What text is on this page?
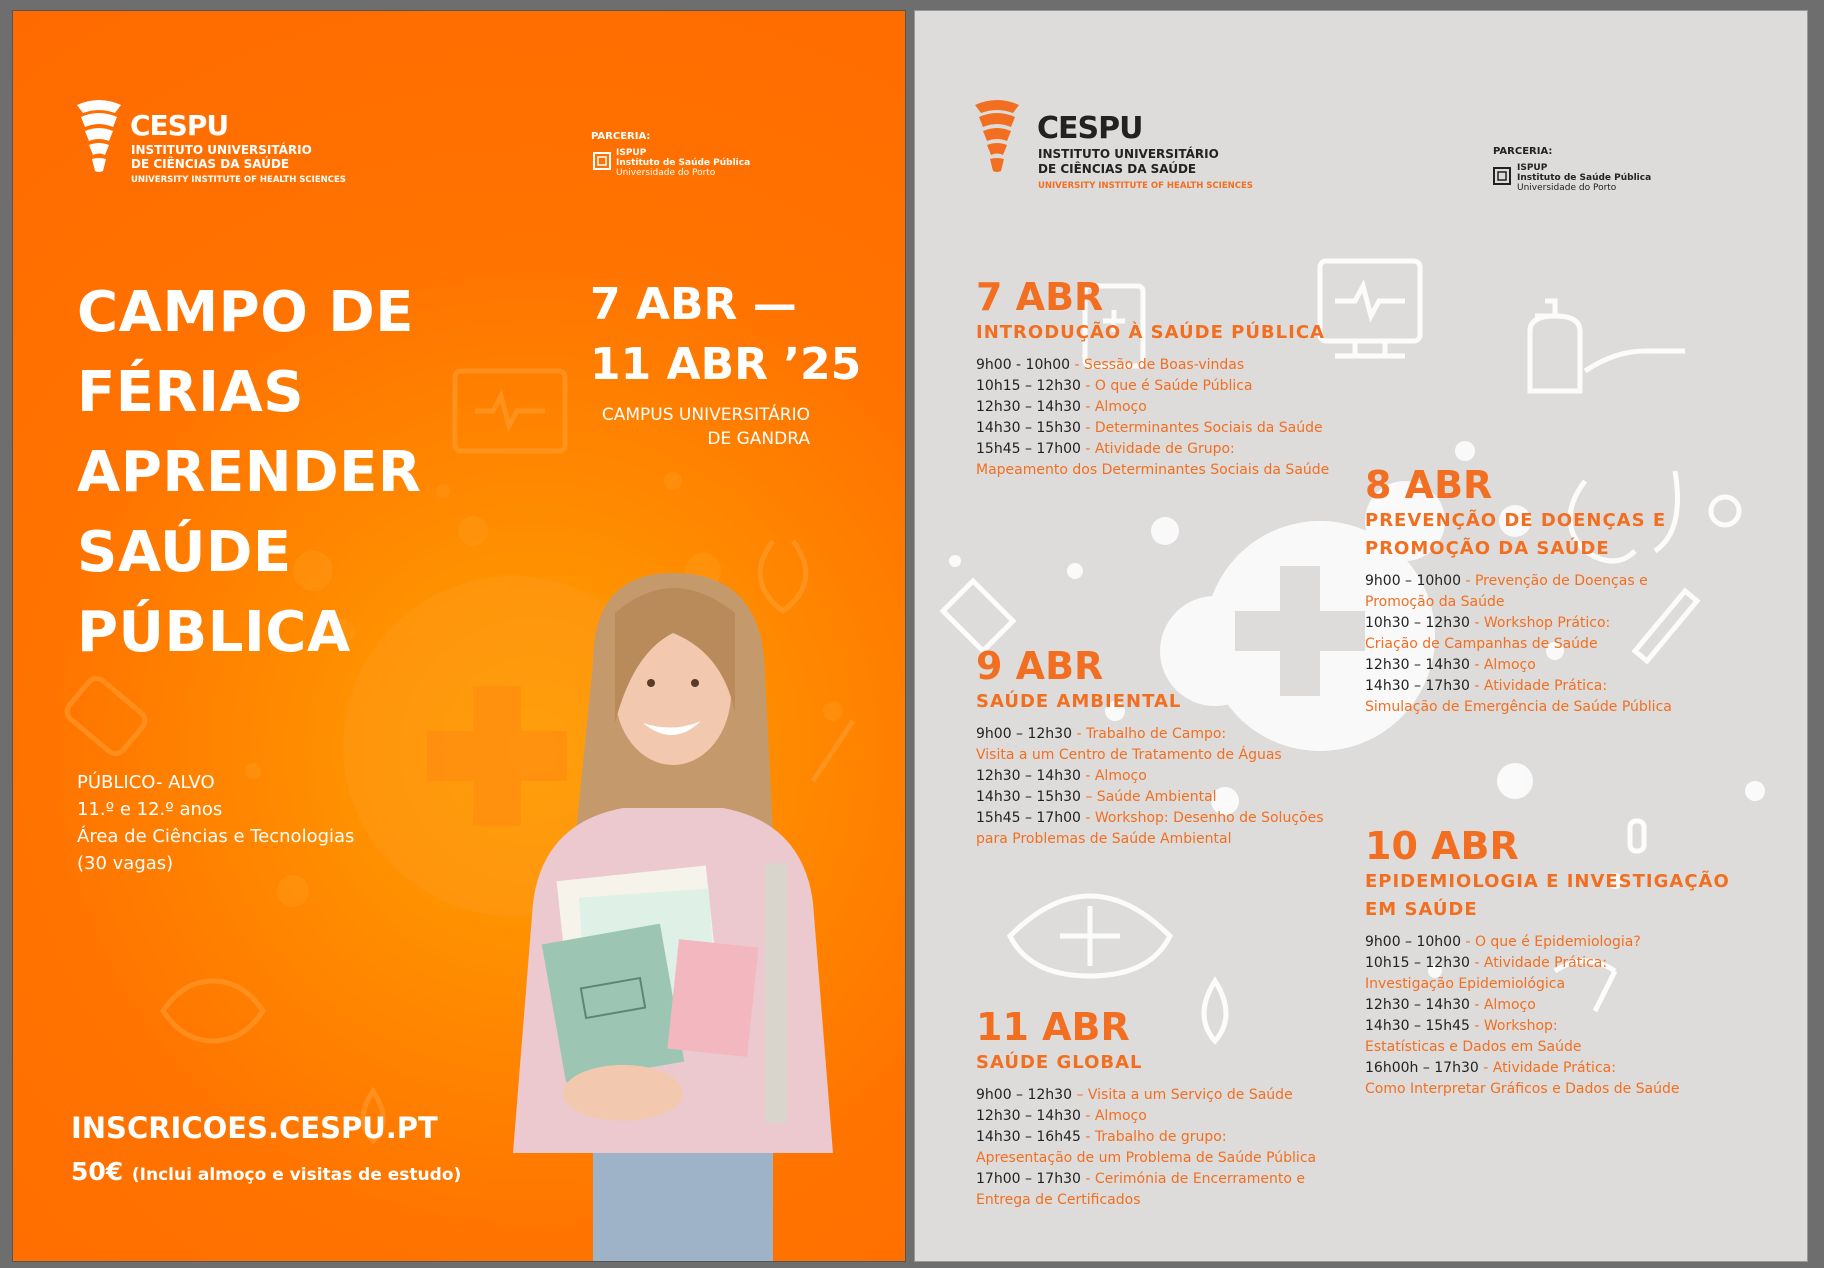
CESPU
INSTITUTO UNIVERSITÁRIO
DE CIÊNCIAS DA SAÚDE
UNIVERSITY INSTITUTE OF HEALTH SCIENCES
PARCERIA:
ISPUP
Instituto de Saúde Pública
Universidade do Porto
CAMPO DE
FÉRIAS
APRENDER
SAÚDE
PÚBLICA
7 ABR —
11 ABR ’25
CAMPUS UNIVERSITÁRIO
DE GANDRA
PÚBLICO- ALVO
11.º e 12.º anos
Área de Ciências e Tecnologias
(30 vagas)
INSCRICOES.CESPU.PT
50€ (Inclui almoço e visitas de estudo)
CESPU
INSTITUTO UNIVERSITÁRIO
DE CIÊNCIAS DA SAÚDE
UNIVERSITY INSTITUTE OF HEALTH SCIENCES
PARCERIA:
ISPUP
Instituto de Saúde Pública
Universidade do Porto
7 ABR
INTRODUÇÃO À SAÚDE PÚBLICA
9h00 - 10h00 - Sessão de Boas-vindas
10h15 – 12h30 - O que é Saúde Pública
12h30 – 14h30 - Almoço
14h30 – 15h30 - Determinantes Sociais da Saúde
15h45 – 17h00 - Atividade de Grupo:
Mapeamento dos Determinantes Sociais da Saúde 8 ABR
PREVENÇÃO DE DOENÇAS E
PROMOÇÃO DA SAÚDE
9h00 – 10h00 - Prevenção de Doenças e
Promoção da Saúde
10h30 – 12h30 - Workshop Prático:
Criação de Campanhas de Saúde
12h30 – 14h30 - Almoço
14h30 – 17h30 - Atividade Prática:
Simulação de Emergência de Saúde Pública
9 ABR
SAÚDE AMBIENTAL
9h00 – 12h30 - Trabalho de Campo:
Visita a um Centro de Tratamento de Águas
12h30 – 14h30 - Almoço
14h30 – 15h30 – Saúde Ambiental
15h45 – 17h00 - Workshop: Desenho de Soluções
para Problemas de Saúde Ambiental	10 ABR
EPIDEMIOLOGIA E INVESTIGAÇÃO
EM SAÚDE
9h00 – 10h00 - O que é Epidemiologia?
10h15 – 12h30 - Atividade Prática:
Investigação Epidemiológica
12h30 – 14h30 - Almoço
14h30 – 15h45 - Workshop:
Estatísticas e Dados em Saúde
16h00h – 17h30 - Atividade Prática:
Como Interpretar Gráficos e Dados de Saúde
11 ABR
SAÚDE GLOBAL
9h00 – 12h30 – Visita a um Serviço de Saúde
12h30 – 14h30 - Almoço
14h30 – 16h45 - Trabalho de grupo:
Apresentação de um Problema de Saúde Pública
17h00 – 17h30 - Cerimónia de Encerramento e
Entrega de Certificados
